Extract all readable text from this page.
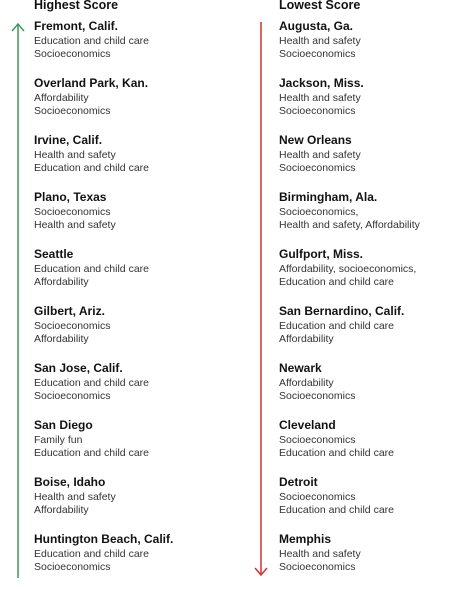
Highest Score
Fremont, Calif.
Education and child care
Socioeconomics
Overland Park, Kan.
Affordability
Socioeconomics
Irvine, Calif.
Health and safety
Education and child care
Plano, Texas
Socioeconomics
Health and safety
Seattle
Education and child care
Affordability
Gilbert, Ariz.
Socioeconomics
Affordability
San Jose, Calif.
Education and child care
Socioeconomics
San Diego
Family fun
Education and child care
Boise, Idaho
Health and safety
Affordability
Huntington Beach, Calif.
Education and child care
Socioeconomics
Lowest Score
Augusta, Ga.
Health and safety
Socioeconomics
Jackson, Miss.
Health and safety
Socioeconomics
New Orleans
Health and safety
Socioeconomics
Birmingham, Ala.
Socioeconomics,
Health and safety, Affordability
Gulfport, Miss.
Affordability, socioeconomics,
Education and child care
San Bernardino, Calif.
Education and child care
Affordability
Newark
Affordability
Socioeconomics
Cleveland
Socioeconomics
Education and child care
Detroit
Socioeconomics
Education and child care
Memphis
Health and safety
Socioeconomics
